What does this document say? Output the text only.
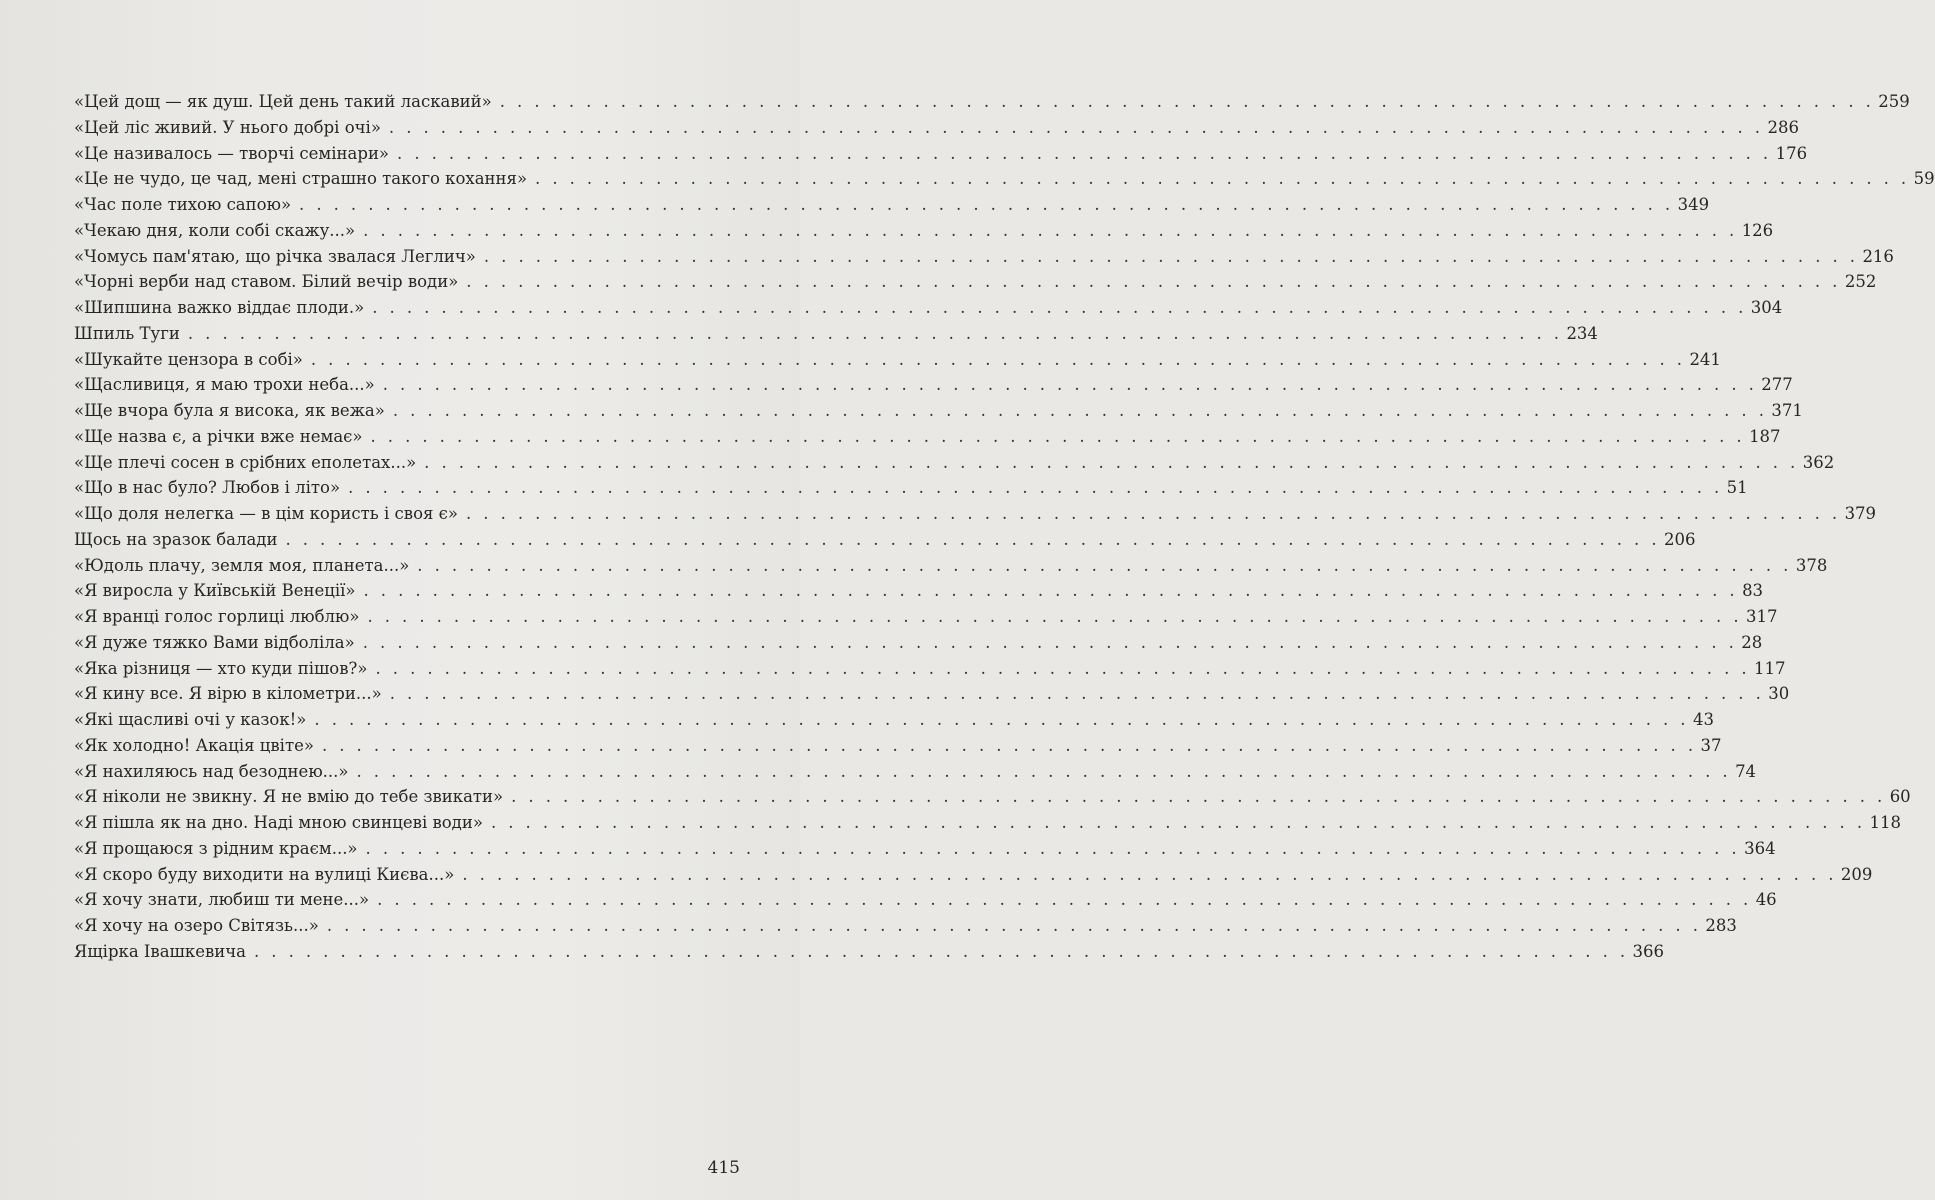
«Цей дощ — як душ. Цей день такий ласкавий» . . . . . . . . . . . . . . . . . . . . . . . . . . . . . . . . . . . . . . . . . . . . . . . . . . . . . . . . . . . . . . . . . . . . . . . . . . . . . . . . 259
«Цей ліс живий. У нього добрі очі» . . . . . . . . . . . . . . . . . . . . . . . . . . . . . . . . . . . . . . . . . . . . . . . . . . . . . . . . . . . . . . . . . . . . . . . . . . . . . . . . 286
«Це називалось — творчі семінари» . . . . . . . . . . . . . . . . . . . . . . . . . . . . . . . . . . . . . . . . . . . . . . . . . . . . . . . . . . . . . . . . . . . . . . . . . . . . . . . . 176
«Це не чудо, це чад, мені страшно такого кохання» . . . . . . . . . . . . . . . . . . . . . . . . . . . . . . . . . . . . . . . . . . . . . . . . . . . . . . . . . . . . . . . . . . . . . . . . . . . . . . . . 59
«Час поле тихою сапою» . . . . . . . . . . . . . . . . . . . . . . . . . . . . . . . . . . . . . . . . . . . . . . . . . . . . . . . . . . . . . . . . . . . . . . . . . . . . . . . . 349
«Чекаю дня, коли собі скажу...» . . . . . . . . . . . . . . . . . . . . . . . . . . . . . . . . . . . . . . . . . . . . . . . . . . . . . . . . . . . . . . . . . . . . . . . . . . . . . . . . 126
«Чомусь пам'ятаю, що річка звалася Леглич» . . . . . . . . . . . . . . . . . . . . . . . . . . . . . . . . . . . . . . . . . . . . . . . . . . . . . . . . . . . . . . . . . . . . . . . . . . . . . . . . 216
«Чорні верби над ставом. Білий вечір води» . . . . . . . . . . . . . . . . . . . . . . . . . . . . . . . . . . . . . . . . . . . . . . . . . . . . . . . . . . . . . . . . . . . . . . . . . . . . . . . . 252
«Шипшина важко віддає плоди.» . . . . . . . . . . . . . . . . . . . . . . . . . . . . . . . . . . . . . . . . . . . . . . . . . . . . . . . . . . . . . . . . . . . . . . . . . . . . . . . . 304
Шпиль Туги . . . . . . . . . . . . . . . . . . . . . . . . . . . . . . . . . . . . . . . . . . . . . . . . . . . . . . . . . . . . . . . . . . . . . . . . . . . . . . . . 234
«Шукайте цензора в собі» . . . . . . . . . . . . . . . . . . . . . . . . . . . . . . . . . . . . . . . . . . . . . . . . . . . . . . . . . . . . . . . . . . . . . . . . . . . . . . . . 241
«Щасливиця, я маю трохи неба...» . . . . . . . . . . . . . . . . . . . . . . . . . . . . . . . . . . . . . . . . . . . . . . . . . . . . . . . . . . . . . . . . . . . . . . . . . . . . . . . . 277
«Ще вчора була я висока, як вежа» . . . . . . . . . . . . . . . . . . . . . . . . . . . . . . . . . . . . . . . . . . . . . . . . . . . . . . . . . . . . . . . . . . . . . . . . . . . . . . . . 371
«Ще назва є, а річки вже немає» . . . . . . . . . . . . . . . . . . . . . . . . . . . . . . . . . . . . . . . . . . . . . . . . . . . . . . . . . . . . . . . . . . . . . . . . . . . . . . . . 187
«Ще плечі сосен в срібних еполетах...» . . . . . . . . . . . . . . . . . . . . . . . . . . . . . . . . . . . . . . . . . . . . . . . . . . . . . . . . . . . . . . . . . . . . . . . . . . . . . . . . 362
«Що в нас було? Любов і літо» . . . . . . . . . . . . . . . . . . . . . . . . . . . . . . . . . . . . . . . . . . . . . . . . . . . . . . . . . . . . . . . . . . . . . . . . . . . . . . . . 51
«Що доля нелегка — в цім користь і своя є» . . . . . . . . . . . . . . . . . . . . . . . . . . . . . . . . . . . . . . . . . . . . . . . . . . . . . . . . . . . . . . . . . . . . . . . . . . . . . . . . 379
Щось на зразок балади . . . . . . . . . . . . . . . . . . . . . . . . . . . . . . . . . . . . . . . . . . . . . . . . . . . . . . . . . . . . . . . . . . . . . . . . . . . . . . . . 206
«Юдоль плачу, земля моя, планета...» . . . . . . . . . . . . . . . . . . . . . . . . . . . . . . . . . . . . . . . . . . . . . . . . . . . . . . . . . . . . . . . . . . . . . . . . . . . . . . . . 378
«Я виросла у Київській Венеції» . . . . . . . . . . . . . . . . . . . . . . . . . . . . . . . . . . . . . . . . . . . . . . . . . . . . . . . . . . . . . . . . . . . . . . . . . . . . . . . . 83
«Я вранці голос горлиці люблю» . . . . . . . . . . . . . . . . . . . . . . . . . . . . . . . . . . . . . . . . . . . . . . . . . . . . . . . . . . . . . . . . . . . . . . . . . . . . . . . . 317
«Я дуже тяжко Вами відболіла» . . . . . . . . . . . . . . . . . . . . . . . . . . . . . . . . . . . . . . . . . . . . . . . . . . . . . . . . . . . . . . . . . . . . . . . . . . . . . . . . 28
«Яка різниця — хто куди пішов?» . . . . . . . . . . . . . . . . . . . . . . . . . . . . . . . . . . . . . . . . . . . . . . . . . . . . . . . . . . . . . . . . . . . . . . . . . . . . . . . . 117
«Я кину все. Я вірю в кілометри...» . . . . . . . . . . . . . . . . . . . . . . . . . . . . . . . . . . . . . . . . . . . . . . . . . . . . . . . . . . . . . . . . . . . . . . . . . . . . . . . . 30
«Які щасливі очі у казок!» . . . . . . . . . . . . . . . . . . . . . . . . . . . . . . . . . . . . . . . . . . . . . . . . . . . . . . . . . . . . . . . . . . . . . . . . . . . . . . . . 43
«Як холодно! Акація цвіте» . . . . . . . . . . . . . . . . . . . . . . . . . . . . . . . . . . . . . . . . . . . . . . . . . . . . . . . . . . . . . . . . . . . . . . . . . . . . . . . . 37
«Я нахиляюсь над безоднею...» . . . . . . . . . . . . . . . . . . . . . . . . . . . . . . . . . . . . . . . . . . . . . . . . . . . . . . . . . . . . . . . . . . . . . . . . . . . . . . . . 74
«Я ніколи не звикну. Я не вмію до тебе звикати» . . . . . . . . . . . . . . . . . . . . . . . . . . . . . . . . . . . . . . . . . . . . . . . . . . . . . . . . . . . . . . . . . . . . . . . . . . . . . . . . 60
«Я пішла як на дно. Наді мною свинцеві води» . . . . . . . . . . . . . . . . . . . . . . . . . . . . . . . . . . . . . . . . . . . . . . . . . . . . . . . . . . . . . . . . . . . . . . . . . . . . . . . . 118
«Я прощаюся з рідним краєм...» . . . . . . . . . . . . . . . . . . . . . . . . . . . . . . . . . . . . . . . . . . . . . . . . . . . . . . . . . . . . . . . . . . . . . . . . . . . . . . . . 364
«Я скоро буду виходити на вулиці Києва...» . . . . . . . . . . . . . . . . . . . . . . . . . . . . . . . . . . . . . . . . . . . . . . . . . . . . . . . . . . . . . . . . . . . . . . . . . . . . . . . . 209
«Я хочу знати, любиш ти мене...» . . . . . . . . . . . . . . . . . . . . . . . . . . . . . . . . . . . . . . . . . . . . . . . . . . . . . . . . . . . . . . . . . . . . . . . . . . . . . . . . 46
«Я хочу на озеро Світязь...» . . . . . . . . . . . . . . . . . . . . . . . . . . . . . . . . . . . . . . . . . . . . . . . . . . . . . . . . . . . . . . . . . . . . . . . . . . . . . . . . 283
Ящірка Івашкевича . . . . . . . . . . . . . . . . . . . . . . . . . . . . . . . . . . . . . . . . . . . . . . . . . . . . . . . . . . . . . . . . . . . . . . . . . . . . . . . . 366
415
